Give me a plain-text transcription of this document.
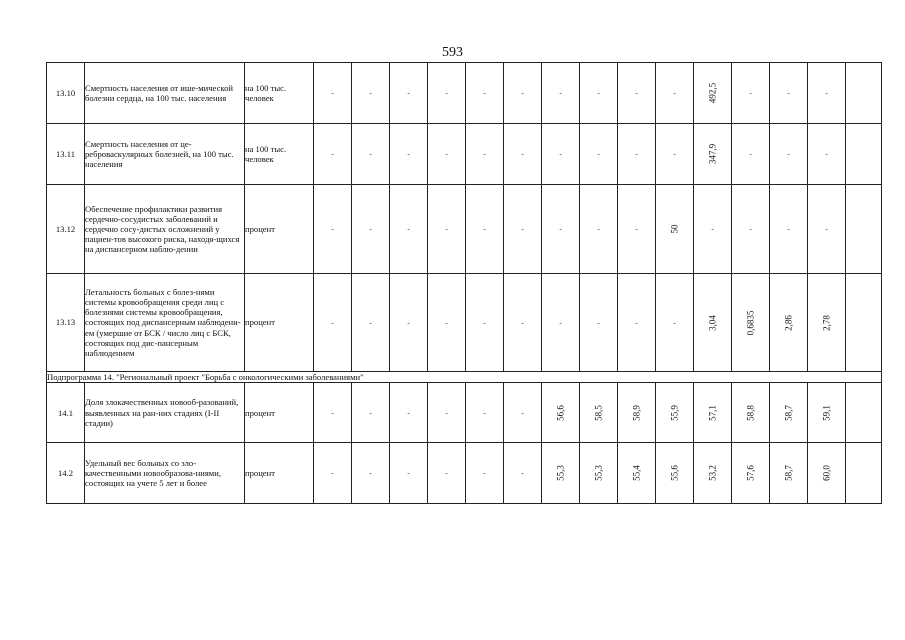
593
13.10	Смертность населения от ише-мической болезни сердца, на 100 тыс. населения	на 100 тыс. человек	-	-	-	-	-	-	-	-	-	-	492,5	-	-	-	

13.11	Смертность населения от це-ребровaскулярных болезней, на 100 тыс. населения	на 100 тыс. человек	-	-	-	-	-	-	-	-	-	-	347,9	-	-	-	

13.12	Обеспечение профилактики развития сердечно-сосудистых заболеваний и сердечно сосу-дистых осложнений у пациен-тов высокого риска, находя-щихся на диспансерном наблю-дении	процент	-	-	-	-	-	-	-	-	-	50	-	-	-	-	

13.13	Летальность больных с болез-нями системы кровообращения среди лиц с болезнями системы кровообращения, состоящих под диспансерным наблюдени-ем (умершие от БСК / число лиц с БСК, состоящих под дис-пансерным наблюдением	процент	-	-	-	-	-	-	-	-	-	-	3,04	0,6835	2,86	2,78	

Подпрограмма 14. "Региональный проект "Борьба с онкологическими заболеваниями"																	
14.1	Доля злокачественных новооб-разований, выявленных на ран-них стадиях (I-II стадии)	процент	-	-	-	-	-	-	56,6	58,5	58,9	55,9	57,1	58,8	58,7	59,1	

14.2	Удельный вес больных со зло-качественными новообразова-ниями, состоящих на учете 5 лет и более	процент	-	-	-	-	-	-	55,3	55,3	55,4	55,6	53,2	57,6	58,7	60,0	
